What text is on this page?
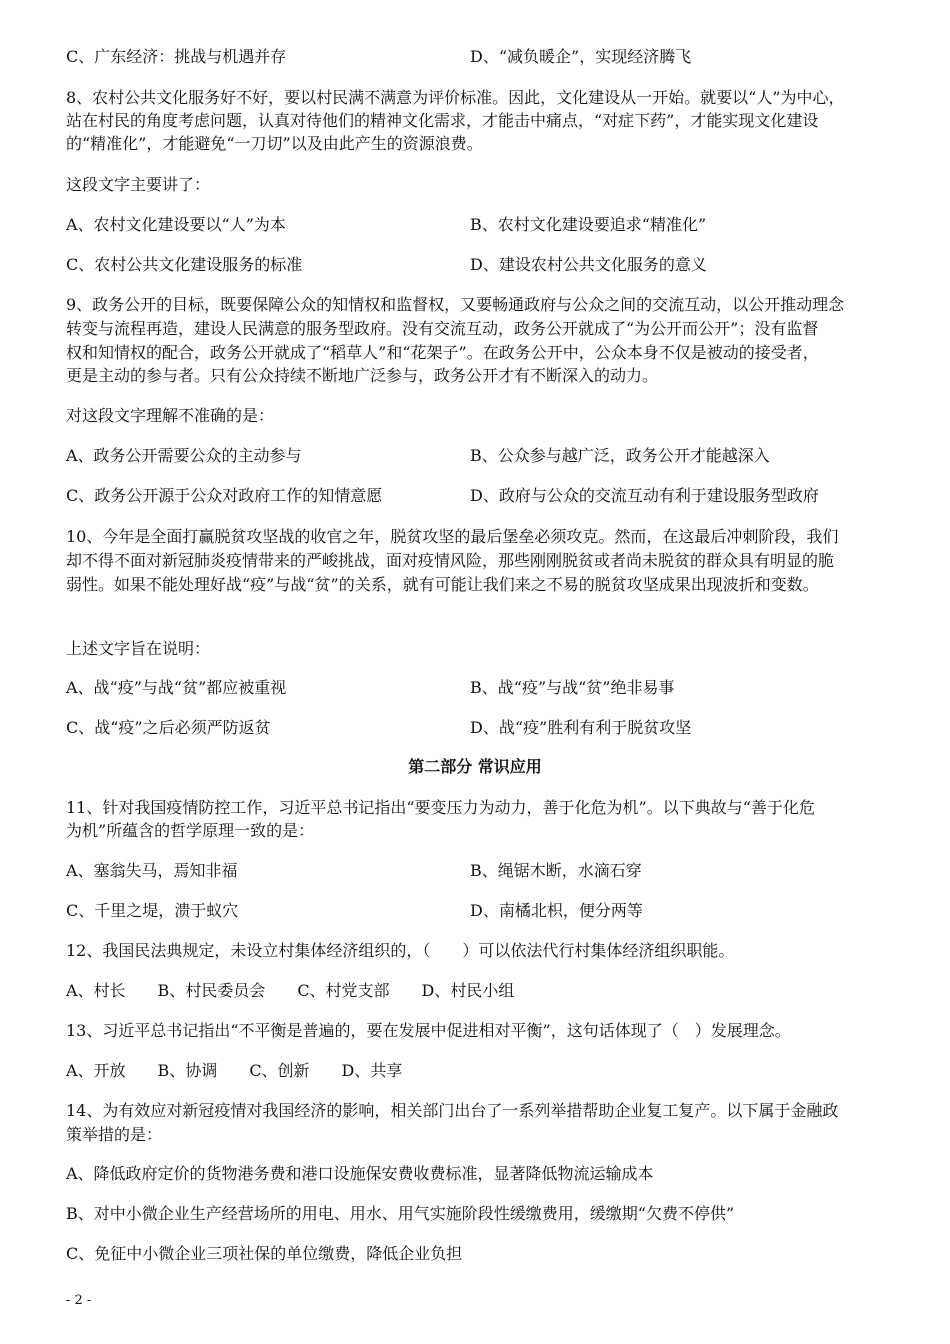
C、广东经济：挑战与机遇并存	D、“减负暖企”，实现经济腾飞
8、农村公共文化服务好不好，要以村民满不满意为评价标准。因此，文化建设从一开始。就要以“人”为中心，
站在村民的角度考虑问题，认真对待他们的精神文化需求，才能击中痛点，“对症下药”，才能实现文化建设
的“精准化”，才能避免“一刀切”以及由此产生的资源浪费。
这段文字主要讲了：
A、农村文化建设要以“人”为本	B、农村文化建设要追求“精准化”
C、农村公共文化建设服务的标准	D、建设农村公共文化服务的意义
9、政务公开的目标，既要保障公众的知情权和监督权，又要畅通政府与公众之间的交流互动，以公开推动理念
转变与流程再造，建设人民满意的服务型政府。没有交流互动，政务公开就成了“为公开而公开”；没有监督
权和知情权的配合，政务公开就成了“稻草人”和“花架子”。在政务公开中，公众本身不仅是被动的接受者，
更是主动的参与者。只有公众持续不断地广泛参与，政务公开才有不断深入的动力。
对这段文字理解不准确的是：
A、政务公开需要公众的主动参与	B、公众参与越广泛，政务公开才能越深入
C、政务公开源于公众对政府工作的知情意愿	D、政府与公众的交流互动有利于建设服务型政府
10、今年是全面打赢脱贫攻坚战的收官之年，脱贫攻坚的最后堡垒必须攻克。然而，在这最后冲刺阶段，我们
却不得不面对新冠肺炎疫情带来的严峻挑战，面对疫情风险，那些刚刚脱贫或者尚未脱贫的群众具有明显的脆
弱性。如果不能处理好战“疫”与战“贫”的关系，就有可能让我们来之不易的脱贫攻坚成果出现波折和变数。
上述文字旨在说明：
A、战“疫”与战“贫”都应被重视	B、战“疫”与战“贫”绝非易事
C、战“疫”之后必须严防返贫	D、战“疫”胜利有利于脱贫攻坚
第二部分 常识应用
11、针对我国疫情防控工作，习近平总书记指出“要变压力为动力，善于化危为机”。以下典故与“善于化危
为机”所蕴含的哲学原理一致的是：
A、塞翁失马，焉知非福	B、绳锯木断，水滴石穿
C、千里之堤，溃于蚁穴	D、南橘北枳，便分两等
12、我国民法典规定，未设立村集体经济组织的，（　　）可以依法代行村集体经济组织职能。
A、村长　　B、村民委员会　　C、村党支部　　D、村民小组
13、习近平总书记指出“不平衡是普遍的，要在发展中促进相对平衡”，这句话体现了（　）发展理念。
A、开放　　B、协调　　C、创新　　D、共享
14、为有效应对新冠疫情对我国经济的影响，相关部门出台了一系列举措帮助企业复工复产。以下属于金融政
策举措的是：
A、降低政府定价的货物港务费和港口设施保安费收费标准，显著降低物流运输成本
B、对中小微企业生产经营场所的用电、用水、用气实施阶段性缓缴费用，缓缴期“欠费不停供”
C、免征中小微企业三项社保的单位缴费，降低企业负担
- 2 -
